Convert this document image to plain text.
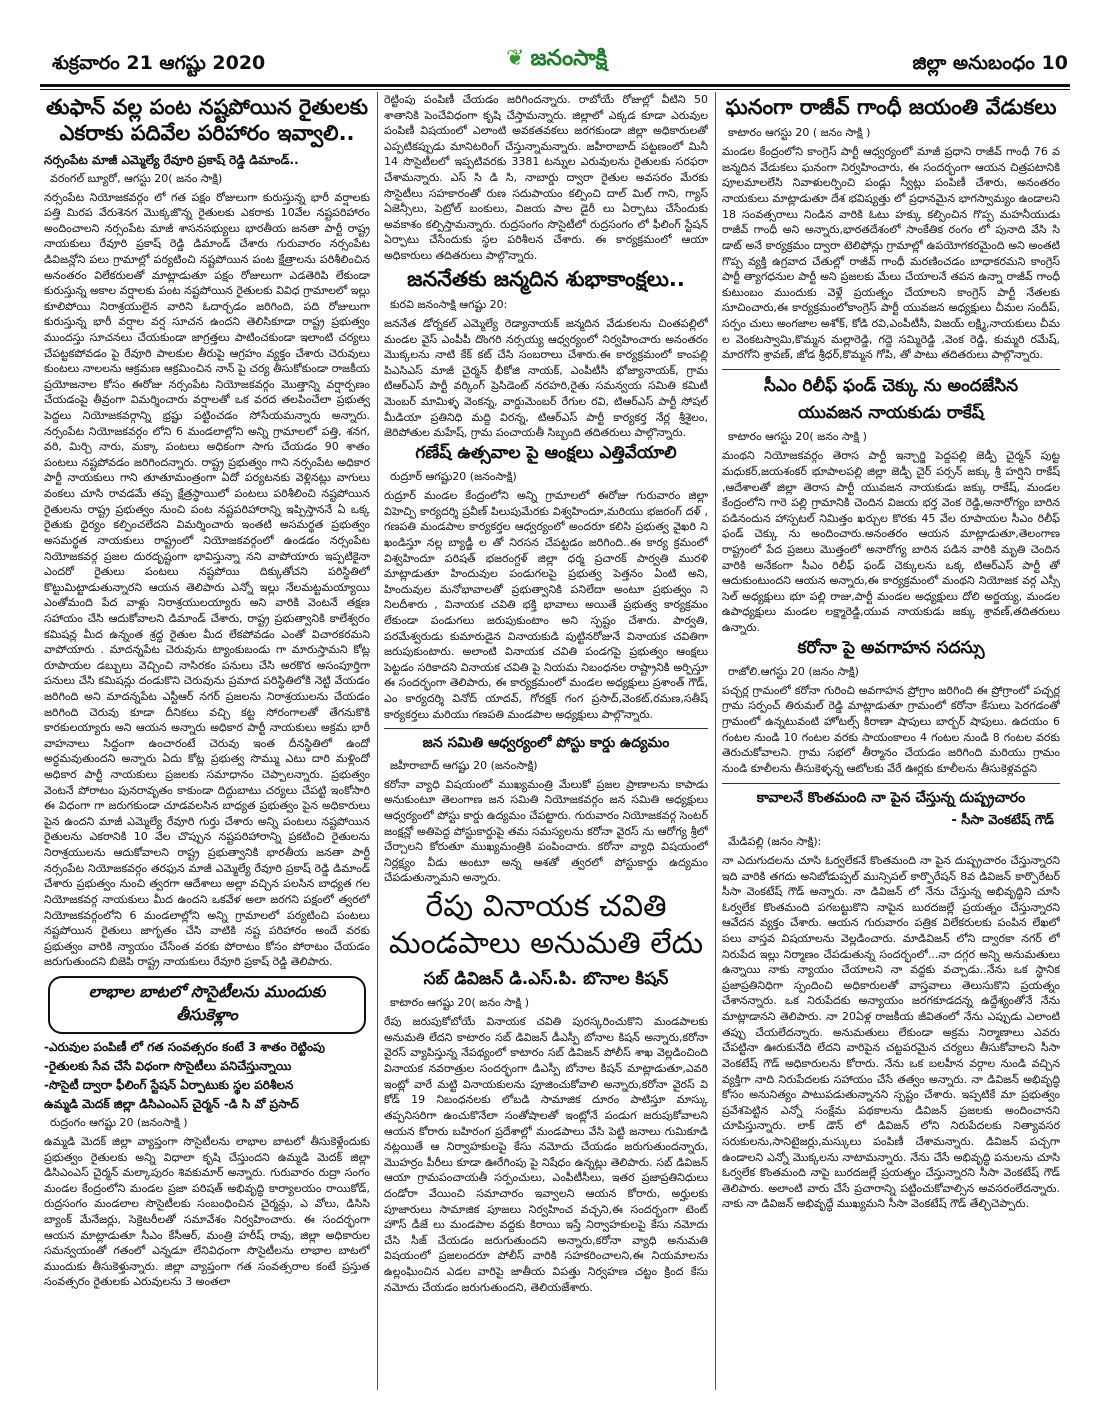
శుక్రవారం 21 ఆగష్టు 2020	❦ జనంసాక్షి	జిల్లా అనుబంధం 10
తుఫాన్ వల్ల పంట నష్టపోయిన రైతులకు ఎకరాకు పదివేల పరిహారం ఇవ్వాలి..
నర్సంపేట మాజీ ఎమ్మెల్యే రేవూరి ప్రకాష్ రెడ్డి డిమాండ్..
వరంగల్ బ్యూరో, ఆగస్టు 20( జనం సాక్షి)

నర్సంపేట నియోజకవర్గం లో గత పక్షం రోజులుగా కురుస్తున్న భారీ వర్షాలకు పత్తి మిరప వేరుశెనగ మొక్కజొన్న రైతులకు ఎకరాకు 10వేల నష్టపరిహారం అందించాలని నర్సంపేట మాజీ శాసనసభ్యులు భారతీయ జనతా పార్టీ రాష్ట్ర నాయకులు రేవూరి ప్రకాష్ రెడ్డి డిమాండ్ చేశారు గురువారం నర్సంపేట డివిజన్లోని పలు గ్రామాల్లో పర్యటించి నష్టపోయిన పంట క్షేత్రాలను పరిశీలించిన అనంతరం విలేకరులతో మాట్లాడుతూ పక్షం రోజులుగా ఎడతెరిపి లేకుండా కురుస్తున్న అకాల వర్షాలకు పంట నష్టపోయిన రైతులకు వివిధ గ్రామాలలో ఇల్లు కూలిపోయి నిరాశ్రయులైన వారిని ఓదార్చడం జరిగింది, పది రోజులుగా కురుస్తున్న భారీ వర్షాల వర్ష సూచన ఉందని తెలిసికూడా రాష్ట్ర ప్రభుత్వం ముందస్తు సూచనలు చేయకుండా జాగ్రత్తలు పాటించకుండా ఇలాంటి చర్యలు చేపట్టకపోవడం పై రేవూరి పాలకుల తీరుపై ఆగ్రహం వ్యక్తం చేశారు చెరువులు కుంటలు నాలలను ఆక్రమణ ఆక్రమించిన నాన్ పై చర్య తీసుకోకుండా రాజకీయ ప్రయోజనాల కోసం ఈరోజు నర్సంపేట నియోజకవర్గం మొత్తాన్ని వర్షార్పణం చేయడంపై తీవ్రంగా విమర్శించారు వర్షాలతో ఒక వరద తలపించేలా ప్రభుత్వ పెద్దలు నియోజకవర్గాన్ని భ్రష్టు పట్టించడం సోసేయమన్నారు అన్నారు. నర్సంపేట నియోజకవర్గం లోని 6 మండలాల్లోని అన్ని గ్రామాలలో పత్తి, శనగ, వరి, మిర్చి నారు, మక్కా పంటలు అధికంగా సాగు చేయడం 90 శాతం పంటలు నష్టపోవడం జరిగిందన్నారు. రాష్ట్ర ప్రభుత్వం గాని నర్సంపేట అధికార పార్టీ నాయకులు గాని తూతూమంత్రంగా ఏదో పర్యటనకు వెళ్లినట్లు వాగులు వంకలు చూసి రావడమే తప్ప క్షేత్రస్థాయిలో పంటలు పరిశీలించి నష్టపోయిన రైతులను రాష్ట్ర ప్రభుత్వం నుంచి పంట నష్టపరిహారాన్ని ఇప్పిస్తాననే ఏ ఒక్క రైతుకు ధైర్యం కల్పించలేదని విమర్శించారు ఇంతటి అసమర్థత ప్రభుత్వం అసమర్థత నాయకులు రాష్ట్రంలో నియోజకవర్గంలో ఉండడం నర్సంపేట నియోజకవర్గ ప్రజల దురదృష్టంగా భావిస్తున్నా నని వాపోయారు ఇప్పటికైనా ఎందరో రైతులు పంటలు నష్టపోయి దిక్కుతోచని పరిస్థితిలో కొట్టుమిట్టాడుతున్నారని ఆయన తెలిపారు ఎన్నో ఇల్లు నేలమట్టమయ్యాయి ఎంతోమంది పేద వాళ్లు నిరాశ్రయులయ్యారు అని వారికి వెంటనే తక్షణ సహాయం చేసి ఆదుకోవాలని డిమాండ్ చేశారు, రాష్ట్ర ప్రభుత్వానికి కాలేశ్వరం కమిషన్ల మీద ఉన్నంత శ్రద్ధ రైతుల మీద లేకపోవడం ఎంతో విచారకరమని వాపోయారు . మాదన్నపేట చెరువును ట్యాంకుబండు గా మారుస్తామని కోట్ల రూపాయల డబ్బులు వెచ్చించి నాసిరకం పనులు చేసి అరకొర అసంపూర్తిగా పనులు చేసి కమిషన్లు దండుకొని చెరువును ప్రమాద పరిస్థితిలోకి నెట్టి వేయడం జరిగింది అని మాదన్నపేట ఎస్టీఆర్ నగర్ ప్రజలను నిరాశ్రయులను చేయడం జరిగింది చెరువు కూడా దీనికలు వచ్చి కట్ట సోరంగాలతో తేగనుకొకి కారకులయ్యారు అని ఆయన అన్నారు అధికార పార్టీ నాయకులు అక్రమ భారీ వాహనాలు సిద్దంగా ఉంచారంటే చెరువు ఇంత దీనస్థితిలో ఉందో అర్ధమవుతుందని అన్నారు ఏదు కోట్ల ప్రభుత్వ సొమ్ము ఎటు దారి మళ్లిందో అధికార పార్టీ నాయకులు ప్రజలకు సమాధానం చెప్పాలన్నారు. ప్రభుత్వం వెంటనే పోరాటం పునరావృతం కాకుండా దిద్దుబాటు చర్యలు చేపట్టి ఇంకోసారి ఈ విధంగా గా జరుగకుండా చూడవలసిన బాధ్యత ప్రభుత్వం పైన అధికారులు పైన ఉందని మాజీ ఎమ్మెల్యే రేవూరి గుర్తు చేశారు అన్ని పంటలు నష్టపోయిన రైతులను ఎకరానికి 10 వేల చొప్పున నష్టపరిహారాన్ని ప్రకటించి రైతులను నిరాశ్రయులను ఆదుకోవాలని రాష్ట్ర ప్రభుత్వానికి భారతీయ జనతా పార్టీ నర్సంపేట నియోజకవర్గం తరఫున మాజీ ఎమ్మెల్యే రేవూరి ప్రకాష్ రెడ్డి డిమాండ్ చేశారు ప్రభుత్వం నుంచి త్వరగా ఆదేశాలు అల్లా వచ్చిన పలసిన బాధ్యత గల నియోజకవర్గ నాయకులు మీద ఉందని ఒకవేళ అలా జరగని పక్షంలో త్వరలో నియోజకవర్గంలోని 6 మండలాల్లోని అన్ని గ్రామాలలో పర్యటించి పంటలు నష్టపోయిన రైతులు జాగృతం చేసి వాటికి నష్ట పరిహారం అందే వరకు ప్రభుత్వం వారికి న్యాయం చేసేంత వరకు పోరాటం కోసం పోరాటం చేయడం జరుగుతుందని బిజెపి రాష్ట్ర నాయకులు రేవూరి ప్రకాష్ రెడ్డి తెలిపారు.

లాభాల బాటలో సొసైటీలను ముందుకు తీసుకెళ్లాం
-ఎరువుల పంపిణీ లో గత సంవత్సరం కంటే 3 శాతం రెట్టింపు
-రైతులకు సేవ చేసే విధంగా సొసైటీలు పనిచేస్తున్నాయి
-సొసైటీ ద్వారా ఫీలింగ్ స్టేషన్ ఏర్పాటుకు స్థల పరిశీలన
ఉమ్మడి మెదక్ జిల్లా డిసిఎంఎస్ చైర్మన్ -డి సి వో ప్రసాద్
రుద్రంగం ఆగష్టు 20 (జనంసాక్షి )

ఉమ్మడి మెదక్ జిల్లా వ్యాప్తంగా సొసైటీలను లాభాల బాటలో తీసుకెళ్లేందుకు ప్రభుత్వం రైతులకు అన్ని విధాలా కృషి చేస్తుందని ఉమ్మడి మెదక్ జిల్లా డిసిఎంఎస్ చైర్మన్ మల్కాపురం శివకుమార్ అన్నారు. గురువారం రుద్రా సంగం మండల కేంద్రంలోని మండల ప్రజా పరిషత్ అభివృద్ధి కార్యాలయం రాయికోడ్, రుద్రసంగం మండలాల సొసైటీలకు సంబంధించిన చైర్మన్లు, ఎ వోలు, డిసిసి బ్యాంక్ మేనేజర్లు, సెక్రెటరీలతో సమావేశం నిర్వహించారు. ఈ సందర్భంగా ఆయన మాట్లాడుతూ సీఎం కేసీఆర్, మంత్రి హరీష్ రావు, జిల్లా అధికారుల సమన్వయంతో గతంలో ఎన్నడూ లేనివిధంగా సొసైటీలను లాభాల బాటలో ముందుకు తీసుకెళ్తున్నారు. జిల్లా వ్యాప్తంగా గత సంవత్సరాల కంటే ప్రస్తుత సంవత్సరం రైతులకు ఎరువులను 3 అంతలా

రెట్టింపు పంపిణీ చేయడం జరిగిందన్నారు. రాబోయే రోజుల్లో వీటిని 50 శాతానికి పెంచేవిధంగా కృషి చేస్తామన్నారు. జిల్లాలో ఎక్కడ కూడా ఎరువుల పంపిణీ విషయంలో ఎలాంటి అవకతవకలు జరగకుండా జిల్లా అధికారులతో ఎప్పటికప్పుడు మానిటరింగ్ చేస్తున్నామన్నారు. జహీరాబాద్ పట్టణంలో మినీ 14 సొసైటీలలో ఇప్పటివరకు 3381 టన్నుల ఎరువులను రైతులకు సరఫరా చేశామన్నారు. ఎస్ సి డి సి, నాబార్డు ద్వారా రైతుల అవసరం మేరకు సొసైటీలు సహకారంతో రుణ సదుపాయం కల్పించి దాల్ మిల్ గాని, గ్యాస్ ఏజెన్సీలు, పెట్రోల్ బంకులు, విజయ పాల డైరీ లు ఏర్పాటు చేసేందుకు అవకాశం కల్పిస్తామన్నారు. రుద్రసంగం సొసైటీలో రుద్రసంగం లో ఫీలింగ్ స్టేషన్ ఏర్పాటు చేసేందుకు స్థల పరిశీలన చేశారు. ఈ కార్యక్రమంలో ఆయా అధికారులు తదితరులు పాల్గొన్నారు.

జననేతకు జన్మదిన శుభాకాంక్షలు..
కురవి జనంసాక్షి ఆగష్టు 20:

జననేత డోర్నకల్ ఎమ్మెల్యే రెడ్యానాయక్ జన్మదిన వేడుకలను చింతపల్లిలో మండల వైస్ ఎంపీపీ దొంగరి నర్సయ్య ఆధ్వర్యంలో నిర్వహించారు అనంతరం మొక్కలను నాటి కేక్ కట్ చేసి సంబరాలు చేశారు.ఈ కార్యక్రమంలో కాంపల్లి పిఎసిఎస్ మాజీ చైర్మన్ భీకోజి నాయక్, ఎంపీటీసీ భోజ్యానాయక్, గ్రామ టిఆర్ఎస్ పార్టీ వర్కింగ్ ప్రెసిడెంట్ నరహరి,రైతు సమన్వయ సమితి కమిటీ మెంబర్ మామిళ్ళ వెంకన్న, వార్డుమెంబర్ రేగుల రవి, టిఆర్ఎస్ పార్టీ సోషల్ మీడియా ప్రతినిధి మద్ది విరన్న, టిఆర్ఎస్ పార్టీ కార్యకర్త నేర్ల శ్రీశైలం, జెరిపోతుల మహేష్, గ్రామ పంచాయతీ సిబ్బంది తదితరులు పాల్గొన్నారు.

గణేష్ ఉత్సవాల పై ఆంక్షలు ఎత్తివేయాలి
రుద్రూర్ ఆగష్టు20 (జనంసాక్షి)

రుద్రూర్ మండల కేంద్రంలోని అన్ని గ్రామాలలో ఈరోజు గురువారం జిల్లా విహెచ్పి కార్యదర్శి ప్రవీణ్ పిలుపుమేరకు విశ్వహిందూ,మరియు భజరంగ్ దళ్ , గణపతి మండపాల కార్యకర్తల ఆధ్వర్యంలో అందరూ కలిసి ప్రభుత్వ వైఖరి ని ఖండిస్తూ నల్ల బ్యాడ్జీ ల తో నిరసన చేపట్టడం జరిగింది..ఈ కార్య క్రమంలో విశ్వహిందూ పరిషత్ భజరంగ్దళ్ జిల్లా ధర్మ ప్రచారక్ పార్వతి మురళి మాట్లాడుతూ హిందువుల పండుగలపై ప్రభుత్వ పెత్తనం ఏంటి అని, హిందువుల మనోభావాలతో ప్రభుత్వానికి పనిలేదా అంటూ ప్రభుత్వం ని నిలదీశారు , వినాయక చవితి భక్తి భావాలు అయితే ప్రభుత్వ కార్యక్రమం లేకుండా పండుగలు జరుపుకుంటాం అని స్పష్టం చేశారు. పార్వతి, పరమేశ్వరుడు కుమారుడైన వినాయకుడి పుట్టినరోజునే వినాయక చవితిగా జరుపుకుంటారు. అలాంటి వినాయక చవితి పండగపై ప్రభుత్వం ఆంక్షలు పెట్టడం సరికాదని వినాయక చవితి పై నియమ నిబంధనల రాష్ట్రానికి అర్పిస్తూ ఈ సందర్భంగా తెలిపారు, ఈ కార్యక్రమంలో మండల అధ్యక్షులు ప్రశాంత్ గౌడ్, ఎం కార్యదర్శి వినోద్ యాదవ్, గోరక్షక్ గంగ ప్రసాద్,వెంకట్,రమణ,సతీష్ కార్యకర్తలు మరియు గణపతి మండపాల అధ్యక్షులు పాల్గొన్నారు.

జన సమితి ఆధ్వర్యంలో పోస్టు కార్డు ఉద్యమం
జహీరాబాద్ ఆగష్టు 20 (జనంసాక్షి)

కరోనా వ్యాధి విషయంలో ముఖ్యమంత్రి మేలుకో ప్రజల ప్రాణాలను కాపాడు అనుకుంటూ తెలంగాణ జన సమితి నియోజకవర్గం జన సమితి అధ్యక్షులు ఆధ్వర్యంలో పోస్టు కార్డు ఉద్యమం చేపట్టారు. గురువారం నియోజకవర్గ సెంటర్ జంక్షన్లో అతిపెద్ద పోస్టుకార్డుపై తమ సమస్యలను కరోనా వైరస్ ను ఆరోగ్య శ్రీలో చేర్చాలని కోరుతూ ముఖ్యమంత్రికి పంపించారు. కరోనా వ్యాధి విషయంలో నిర్లక్ష్యం వీడు అంటూ అన్న ఆశతో త్వరలో పోస్టుకార్డు ఉద్యమం చేపడుతున్నామని అన్నారు.

రేపు వినాయక చవితి మండపాలు అనుమతి లేదు
సబ్ డివిజన్ డి.ఎస్.పి. బొనాల కిషన్
కాటారం ఆగష్టు 20( జనం సాక్షి )

రేపు జరుపుకోబోయే వినాయక చవితి పురస్కరించుకొని మండపాలకు అనుమతి లేదని కాటారం సబ్ డివిజన్ డీఎస్పీ బోనాల కిషన్ అన్నారు,కరోనా వైరస్ వ్యాపిస్తున్న నేపథ్యంలో కాటారం సబ్ డివిజన్ పోలీస్ శాఖ వెల్లడించింది వినాయక నవరాత్రుల సందర్భంగా డిఎస్పీ బోనాల కిషన్ మాట్లాడుతూ,ఎవరి ఇంట్లో వారే మట్టి వినాయకులను పూజించుకోవాలి అన్నారు,కరోనా వైరస్ వి కోడ్ 19 నిబంధనలకు లోబడి సామాజిక దూరం పాటిస్తూ మాస్కు తప్పనిసరిగా ఉంచుకొనేలా సంతోషాలతో ఇంట్లోనే పండుగ జరుపుకోవాలని ఆయన కోరారు బహిరంగ ప్రదేశాల్లో మండపాలు వేసి పెట్టి జనాలు గుమికూడి నట్లయితే ఆ నిర్వాహకులపై కేసు నమోదు చేయడం జరుగుతుందన్నారు, మొహర్రం పీరీలు కూడా ఊరేగింపు పై నిషేధం ఉన్నట్లు తెలిపారు. సబ్ డివిజన్ ఆయా గ్రామపంచాయతీ సర్పంచులు, ఎంపీటీసీలు, ఇతర ప్రజాప్రతినిధులు దండోరా వేయించి సమాచారం ఇవ్వాలని ఆయన కోరారు, అర్హులకు పూజారులు సామాజిక పూజలు నిర్వహించ వచ్చని,ఈ సందర్భంగా టెంట్ హౌస్ డీజే లు మండపాల వద్దకు కిరాయి ఇస్తే నిర్వాహకులపై కేసు నమోదు చేసి సీజ్ చేయడం జరుగుతుందని అన్నారు,కరోనా వ్యాధి అనుమతి విషయంలో ప్రజలందరూ పోలీస్ వారికి సహకరించాలని,ఈ నియమాలను ఉల్లంఘించిన ఎడల వారిపై జాతీయ విపత్తు నిర్వహణ చట్టం క్రింద కేసు నమోదు చేయడం జరుగుతుందని, తెలియజేశారు.

ఘనంగా రాజీవ్ గాంధీ జయంతి వేడుకలు
కాటారం ఆగస్టు 20 ( జనం సాక్షి )

మండల కేంద్రంలోని కాంగ్రెస్ పార్టీ ఆధ్వర్యంలో మాజీ ప్రధాని రాజీవ్ గాంధీ 76 వ జన్మదిన వేడుకలు ఘనంగా నిర్వహించారు, ఈ సందర్భంగా ఆయన చిత్రపటానికి పూలమాలలేసి నివాళులర్పించి పండ్లు స్వీట్లు పంపిణీ చేశారు, అనంతరం నాయకులు మాట్లాడుతూ దేశ భవిష్యత్తు లో ప్రధానమైన భాగస్వామ్యం ఉండాలని 18 సంవత్సరాలు నిండిన వారికి ఓటు హక్కు కల్పించిన గొప్ప మహనీయుడు రాజీవ్ గాంధీ అని అన్నారు,భారతదేశంలో సాంకేతిక రంగం లో పునాది వేసి సి డాట్ అనే కార్యక్రమం ద్వారా టెలిఫోన్లు గ్రామాల్లో ఉపయోగకరమైంది అని అంతటి గొప్ప వ్యక్తి ఉగ్రవాద చేతుల్లో రాజీవ్ గాంధీ మరణించడం బాధాకరమని కాంగ్రెస్ పార్టీ త్యాగధనుల పార్టీ అని ప్రజలకు మేలు చేయాలనే తపన ఉన్నా రాజీవ్ గాంధీ కుటుంబం ముందుకు వెళ్లే ప్రయత్నం చేయాలని కాంగ్రెస్ పార్టీ నేతలకు సూచించారు,ఈ కార్యక్రమంలోకాంగ్రెస్ పార్టీ యువజన అధ్యక్షులు చీమల సందీప్, సర్పం చులు అంగజాల అశోక్, కోడి రవి,ఎంపీటీసీ, విజయ్ లక్ష్మి,నాయకులు చీమ ల వెంకటస్వామి,కొమ్మన మల్లారెడ్డి, గద్దె సమ్మిరెడ్డి ,వెంక రెడ్డి, కుమ్మరి రమేష్, మారగోని శ్రావణ్, జోడ శ్రీధర్,కొమ్మన గోపి, తో పాటు తదితరులు పాల్గొన్నారు.

సీఎం రిలీఫ్ ఫండ్ చెక్కు ను అందజేసిన
యువజన నాయకుడు రాకేష్
కాటారం ఆగస్టు 20( జనం సాక్షి )

మంథని నియోజకవర్గం తెరాస పార్టీ ఇన్చార్జి పెద్దపల్లి జెడ్పీ చైర్మన్ పుట్ట మధుకర్,జయశంకర్ భూపాలపల్లి జిల్లా జెడ్పీ చైర్ పర్సన్ జక్కు శ్రీ హర్షిని రాకేష్ ,ఆదేశాలతో జిల్లా తెరాస పార్టీ యువజన నాయకుడు జక్కు రాకేష్, మండల కేంద్రంలోని గారె పల్లి గ్రామానికి చెందిన విజయ భర్త వెంక రెడ్డి,అనారోగ్యం బారిన పడినందున హాస్పటల్ నిమిత్తం ఖర్చుల కొరకు 45 వేల రూపాయల సీఎం రిలీఫ్ ఫండ్ చెక్కు ను అందించారు.అనంతరం ఆయన మాట్లాడుతూ,తెలంగాణ రాష్ట్రంలో పేద ప్రజలు మొత్తంలో అనారోగ్య బారిన పడిన వారికి మృతి చెందిన వారికి అనేకంగా సీఎం రిలీఫ్ ఫండ్ చెక్కులను ఒక్క టిఆర్ఎస్ పార్టీ తో ఆదుకుంటుందని ఆయన అన్నారు,ఈ కార్యక్రమంలో మంథని నియోజక వర్గ ఎస్సీ సెల్ అధ్యక్షులు భూ పల్లి రాజు,పార్టీ మండల అధ్యక్షులు దోలి అర్జయ్య, మండల ఉపాధ్యక్షులు మండల లక్ష్మారెడ్డి,యువ నాయకుడు జక్కు శ్రావణ్,తదితరులు ఉన్నారు.

కరోనా పై అవగాహన సదస్సు
రాజోలి.ఆగస్టు 20 (జనం సాక్షి)

పచ్చర్ల గ్రామంలో కరోనా గురించి అవగాహన ప్రోగ్రాం జరిగింది ఈ ప్రోగ్రాంలో పచ్చర్ల గ్రామ సర్పంచ్ తిరుమల్ రెడ్డి మాట్లాడుతూ గ్రామంలో కరోనా కేసులు పెరగడంతో గ్రామంలో ఉన్నటువంటి హోటల్స్ కిరాణా షాపులు బార్బర్ షాపులు. ఉదయం 6 గంటల నుండి 10 గంటల వరకు సాయంకాలం 4 గంటల నుండి 8 గంటల వరకు తెరుచుకోవాలని. గ్రామ సభలో తీర్మానం చేయడం జరిగింది మరియు గ్రామం నుండి కూలీలను తీసుకెళ్ళన్న ఆటోలకు వేరే ఊర్లకు కూలీలను తీసుకెళ్లవద్దని

కావాలనే కొంతమంది నా పైన చేస్తున్న దుష్ప్రచారం
- సీసా వెంకటేష్ గౌడ్
మేడిపల్లి (జనం సాక్షి):

నా ఎదుగుదలను చూసి ఓర్వలేకనే కొంతమంది నా పైన దుష్ప్రచారం చేస్తున్నారని ఇది వారికి తగదు అనిబోడుప్పల్ మున్సిపల్ కార్పొరేషన్ 8వ డివిజన్ కార్పొరేటర్ సీసా వెంకటేష్ గౌడ్ అన్నారు. నా డివిజన్ లో నేను చేస్తున్న అభివృద్ధిని చూసి ఓర్వలేక కొంతమంది పగబట్టుకొని నాపైన బురదజల్లే ప్రయత్నం చేస్తున్నారని ఆవేదన వ్యక్తం చేశారు. ఆయన గురువారం పత్రిక విలేకరులకు పంపిన లేఖలో పలు వాస్తవ విషయాలను వెల్లడించారు. మాడివిజన్ లోని ద్వారకా నగర్ లో నిరుపేద ఇల్లు నిర్మాణం చేపడుతున్న సందర్భంలో...నా దగ్గర అన్ని అనుమతులు ఉన్నాయి నాకు న్యాయం చేయాలని నా వద్దకు వచ్చాడు..నేను ఒక స్థానిక ప్రజాప్రతినిధిగా స్పందించి అధికారులతో వాస్తవాలు తెలుసుకొని ప్రయత్నం చేశానన్నారు. ఒక నిరుపేదకు అన్యాయం జరగకూడదన్న ఉద్దేశ్యంతోనే నేను మాట్లాడానని తెలిపారు. నా 20ఏళ్ల రాజకీయ జీవితంలో నేను ఎప్పుడు ఎలాంటి తప్పు చేయలేదన్నారు. అనుమతులు లేకుండా అక్రమ నిర్మాణాలు ఎవరు చేపట్టినా ఊరుకునేది లేదని వారిపైన చట్టపరమైన చర్యలు తీసుకోవాలని సీసా వెంకటేష్ గౌడ్ అధికారులను కోరారు. నేను ఒక బలహీన వర్గాల నుండి వచ్చిన వ్యక్తిగా నాది నిరుపేదలకు సహాయం చేసే తత్వం అన్నారు. నా డివిజన్ అభివృద్ధి కోసం అనునిత్యం పాటుపడుతున్నానని స్పష్టం చేశారు. ఇప్పటికే మా ప్రభుత్వం ప్రవేశపెట్టిన ఎన్నో సంక్షేమ పథకాలను డివిజన్ ప్రజలకు అందించానని చూపిస్తున్నారు. లాక్ డౌన్ లో డివిజన్ లోని నిరుపేదలకు నిత్యావసర సరుకులను,సానిటైజర్లు,మస్కులు పంపిణీ చేశామన్నారు. డివిజన్ పచ్చగా ఉండాలని ఎన్నో మొక్కలను నాటామన్నారు. నేను చేసే అభివృద్ధి పనులను చూసి ఓర్వలేక కొంతమంది నాపై బురదజల్లే ప్రయత్నం చేస్తున్నారని సీసా వెంకటేష్ గౌడ్ తెలిపారు. అలాంటి వారు చేసే ప్రచారాన్ని పట్టించుకోవాల్సిన అవసరంలేదన్నారు. నాకు నా డివిజన్ అభివృద్ధే ముఖ్యమని సీసా వెంకటేష్ గౌడ్ తేల్చిచెప్పారు.
